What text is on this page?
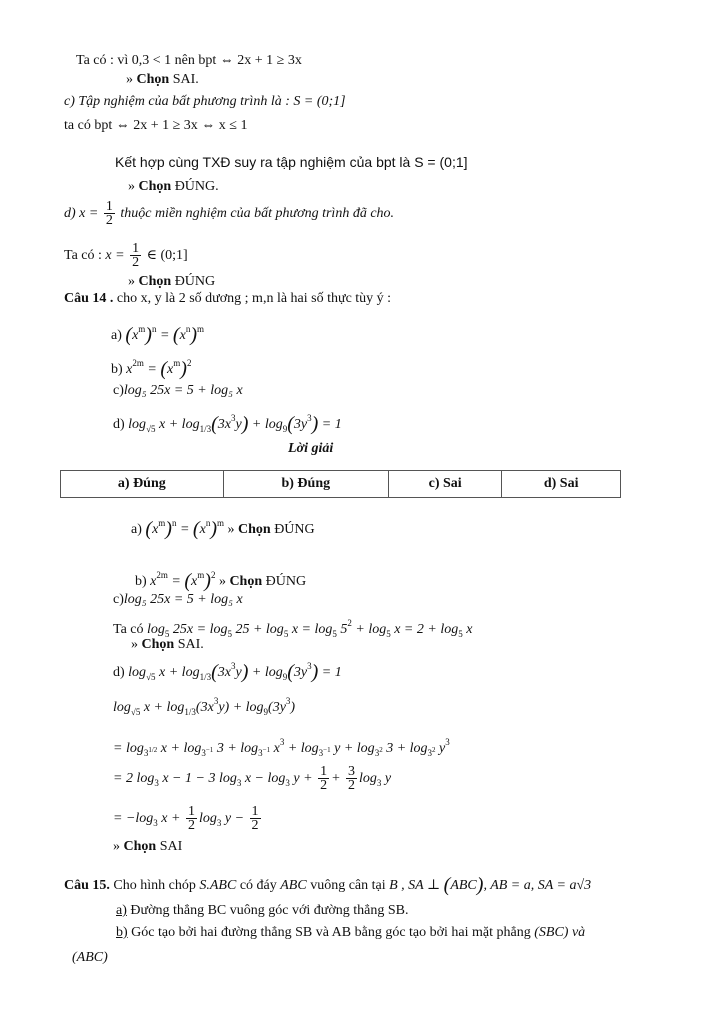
Ta có : vì 0,3 < 1 nên bpt ⇔ 2x + 1 ≥ 3x
» Chọn SAI.
c) Tập nghiệm của bất phương trình là : S = (0;1]
ta có bpt ⇔ 2x + 1 ≥ 3x ⇔ x ≤ 1
Kết hợp cùng TXĐ suy ra tập nghiệm của bpt là S = (0;1]
» Chọn ĐÚNG.
d) $x = \frac{1}{2}$ thuộc miền nghiệm của bất phương trình đã cho.
Ta có : $x = \frac{1}{2}$ ∈ (0;1]
» Chọn ĐÚNG
Câu 14 . cho x, y là 2 số dương ; m,n là hai số thực tùy ý :
a) $(x^m)^n = (x^n)^m$
b) $x^{2m} = (x^m)^2$
c)log₅ 25x = 5 + log₅ x
d) $\log_{√5} x + \log_{1/3}(3x^3y) + \log_9(3y^3) = 1$
Lời giải
a) Đúng	b) Đúng	c) Sai	d) Sai
a) $(x^m)^n = (x^n)^m$ » Chọn ĐÚNG
b) $x^{2m} = (x^m)^2$ » Chọn ĐÚNG
c)log₅ 25x = 5 + log₅ x
Ta có $\log_5 25x = \log_5 25 + \log_5 x = \log_5 5^2 + \log_5 x = 2 + \log_5 x$
» Chọn SAI.
d) $\log_{√5} x + \log_{1/3}(3x^3y) + \log_9(3y^3) = 1$
$\log_{√5} x + \log_{1/3}(3x^3y) + \log_9(3y^3)$
= $\log_{3^{1/2}} x + \log_{3^{-1}} 3 + \log_{3^{-1}} x^3 + \log_{3^{-1}} y + \log_{3^2} 3 + \log_{3^2} y^3$
= 2 $\log_3 x - 1 - 3$ $\log_3 x - \log_3 y + \frac{1}{2} + \frac{3}{2} \log_3 y$
= $-\log_3$ $x + \frac{1}{2} \log_3 y - \frac{1}{2}$
» Chọn SAI
Câu 15. Cho hình chóp S.ABC có đáy ABC vuông cân tại B , SA ⊥ (ABC), AB = a, SA = a√3
a) Đường thẳng BC vuông góc với đường thẳng SB.
b) Góc tạo bởi hai đường thẳng SB và AB bằng góc tạo bởi hai mặt phẳng (SBC) và
(ABC)
